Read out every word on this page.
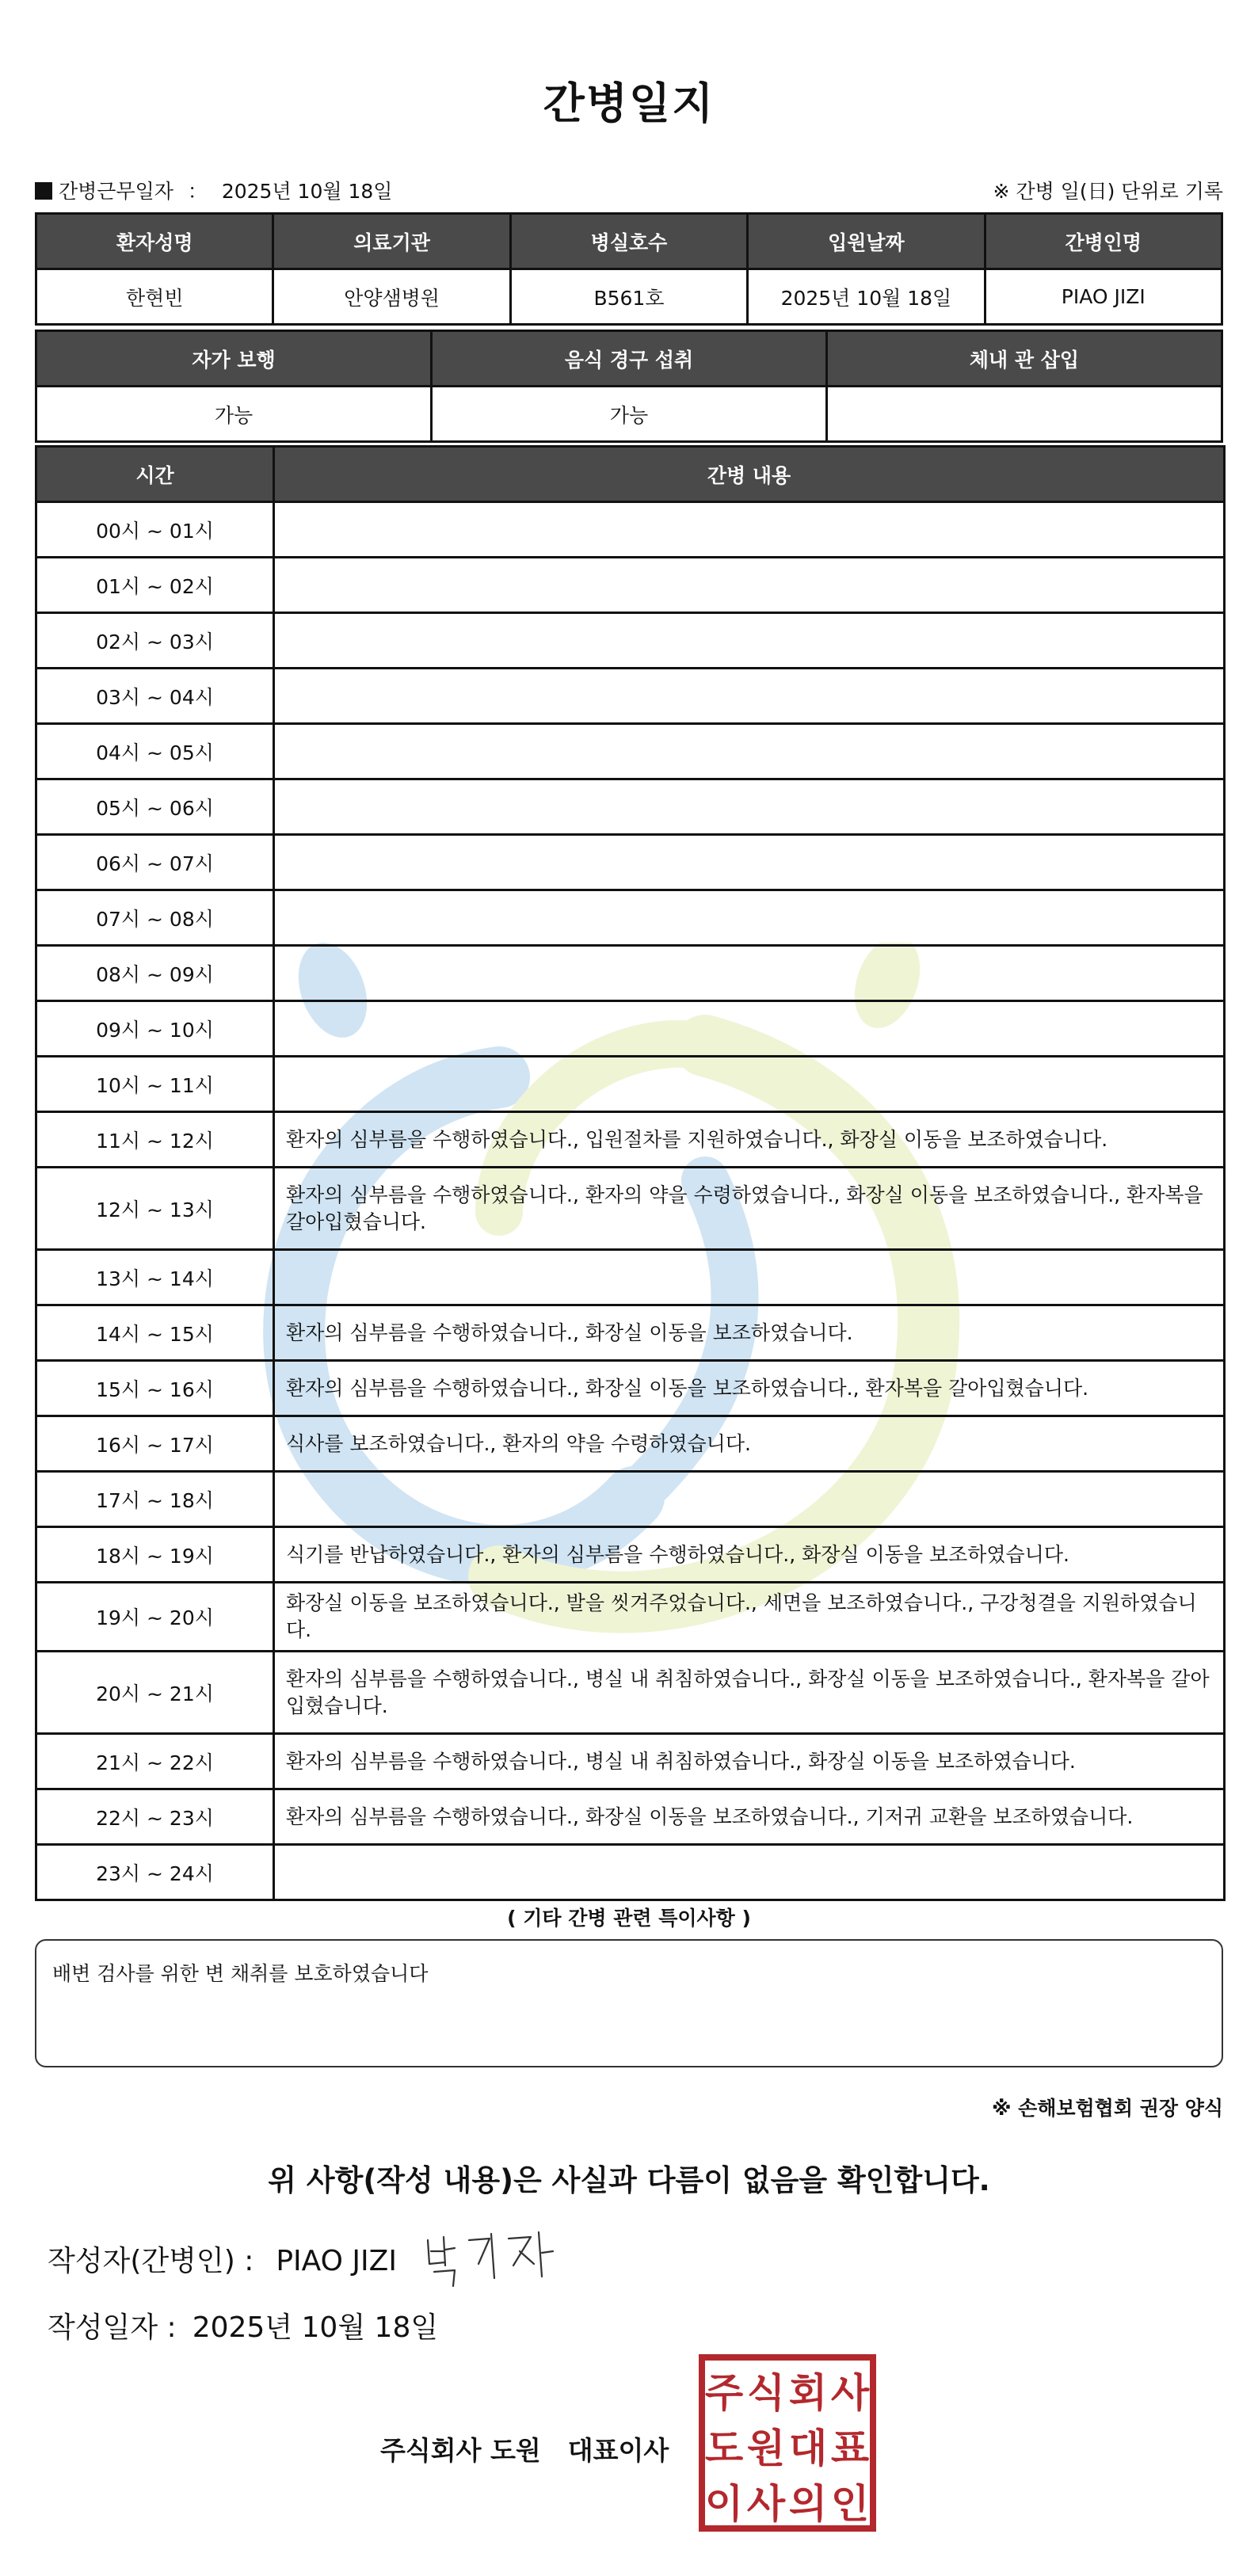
간병일지
간병근무일자 ： 2025년 10월 18일	※ 간병 일(日) 단위로 기록
환자성명	의료기관	병실호수	입원날짜	간병인명
한현빈	안양샘병원	B561호	2025년 10월 18일	PIAO JIZI
자가 보행	음식 경구 섭취	체내 관 삽입
가능	가능	
시간	간병 내용
00시 ~ 01시	
01시 ~ 02시	
02시 ~ 03시	
03시 ~ 04시	
04시 ~ 05시	
05시 ~ 06시	
06시 ~ 07시	
07시 ~ 08시	
08시 ~ 09시	
09시 ~ 10시	
10시 ~ 11시	
11시 ~ 12시	환자의 심부름을 수행하였습니다., 입원절차를 지원하였습니다., 화장실 이동을 보조하였습니다.
12시 ~ 13시	환자의 심부름을 수행하였습니다., 환자의 약을 수령하였습니다., 화장실 이동을 보조하였습니다., 환자복을 갈아입혔습니다.
13시 ~ 14시	
14시 ~ 15시	환자의 심부름을 수행하였습니다., 화장실 이동을 보조하였습니다.
15시 ~ 16시	환자의 심부름을 수행하였습니다., 화장실 이동을 보조하였습니다., 환자복을 갈아입혔습니다.
16시 ~ 17시	식사를 보조하였습니다., 환자의 약을 수령하였습니다.
17시 ~ 18시	
18시 ~ 19시	식기를 반납하였습니다., 환자의 심부름을 수행하였습니다., 화장실 이동을 보조하였습니다.
19시 ~ 20시	화장실 이동을 보조하였습니다., 발을 씻겨주었습니다., 세면을 보조하였습니다., 구강청결을 지원하였습니다.
20시 ~ 21시	환자의 심부름을 수행하였습니다., 병실 내 취침하였습니다., 화장실 이동을 보조하였습니다., 환자복을 갈아입혔습니다.
21시 ~ 22시	환자의 심부름을 수행하였습니다., 병실 내 취침하였습니다., 화장실 이동을 보조하였습니다.
22시 ~ 23시	환자의 심부름을 수행하였습니다., 화장실 이동을 보조하였습니다., 기저귀 교환을 보조하였습니다.
23시 ~ 24시	
( 기타 간병 관련 특이사항 )
배변 검사를 위한 변 채취를 보호하였습니다
※ 손해보험협회 권장 양식
위 사항(작성 내용)은 사실과 다름이 없음을 확인합니다.
작성자(간병인) : PIAO JIZI
작성일자 : 2025년 10월 18일
주식회사 도원 대표이사
주 식 회 사
도 원 대 표
이 사 의 인
